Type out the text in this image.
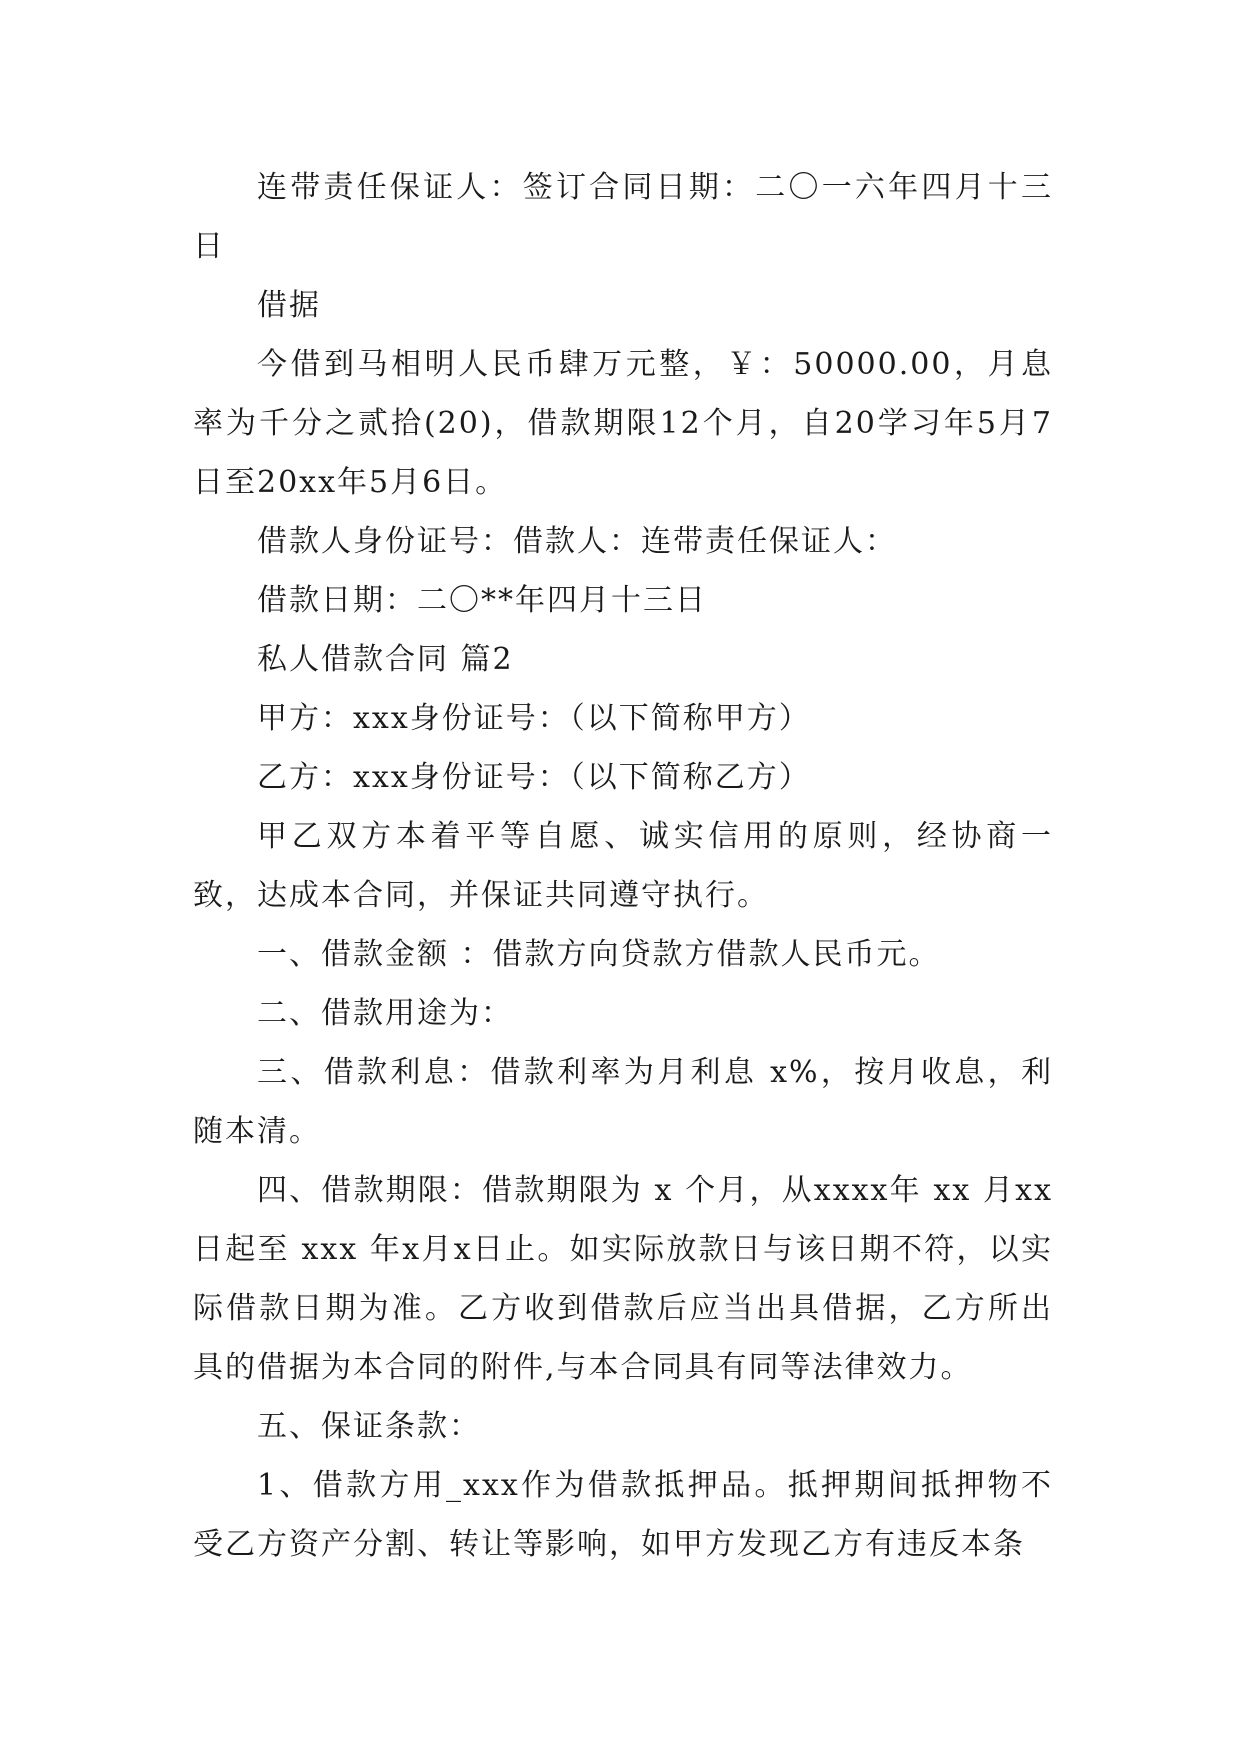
连带责任保证人：签订合同日期：二〇一六年四月十三日

借据

今借到马相明人民币肆万元整，￥：50000.00，月息率为千分之贰拾(20)，借款期限12个月，自20学习年5月7日至20xx年5月6日。

借款人身份证号：借款人：连带责任保证人：

借款日期：二〇**年四月十三日

私人借款合同 篇2

甲方：xxx身份证号：（以下简称甲方）

乙方：xxx身份证号：（以下简称乙方）

甲乙双方本着平等自愿、诚实信用的原则，经协商一致，达成本合同，并保证共同遵守执行。

一、借款金额 ：借款方向贷款方借款人民币元。

二、借款用途为：

三、借款利息：借款利率为月利息 x%，按月收息，利随本清。

四、借款期限：借款期限为 x 个月，从xxxx年 xx 月xx日起至 xxx 年x月x日止。如实际放款日与该日期不符，以实际借款日期为准。乙方收到借款后应当出具借据，乙方所出具的借据为本合同的附件,与本合同具有同等法律效力。

五、保证条款：

1、借款方用_xxx作为借款抵押品。抵押期间抵押物不受乙方资产分割、转让等影响，如甲方发现乙方有违反本条
